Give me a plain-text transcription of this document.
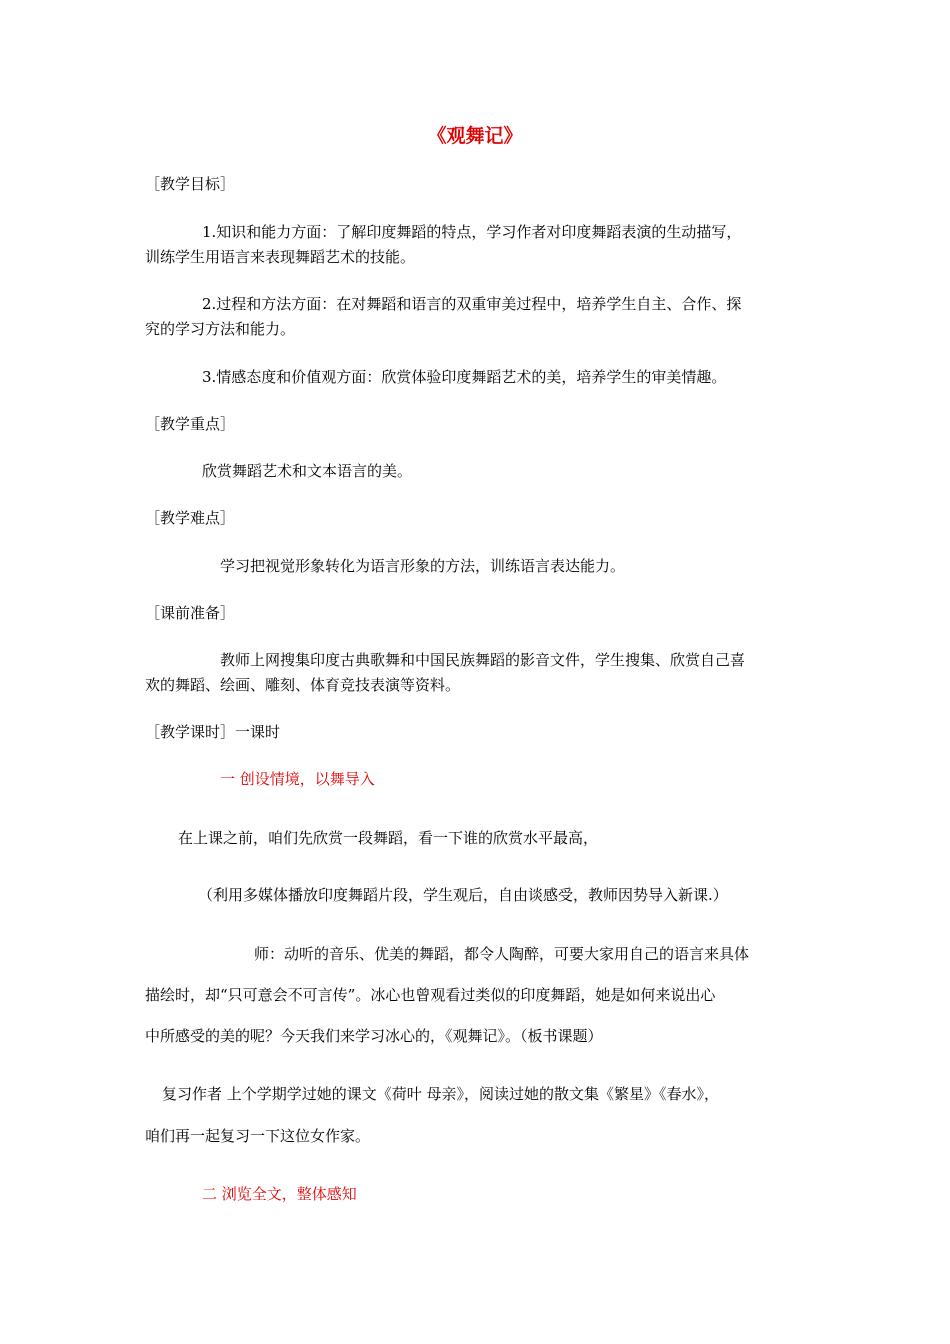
《观舞记》
［教学目标］
1.知识和能力方面：了解印度舞蹈的特点，学习作者对印度舞蹈表演的生动描写，
训练学生用语言来表现舞蹈艺术的技能。
2.过程和方法方面：在对舞蹈和语言的双重审美过程中，培养学生自主、合作、探
究的学习方法和能力。
3.情感态度和价值观方面：欣赏体验印度舞蹈艺术的美，培养学生的审美情趣。
［教学重点］
欣赏舞蹈艺术和文本语言的美。
［教学难点］
学习把视觉形象转化为语言形象的方法，训练语言表达能力。
［课前准备］
教师上网搜集印度古典歌舞和中国民族舞蹈的影音文件，学生搜集、欣赏自己喜
欢的舞蹈、绘画、雕刻、体育竞技表演等资料。
［教学课时］一课时
一 创设情境，以舞导入
在上课之前，咱们先欣赏一段舞蹈，看一下谁的欣赏水平最高，
（利用多媒体播放印度舞蹈片段，学生观后，自由谈感受，教师因势导入新课.）
师：动听的音乐、优美的舞蹈，都令人陶醉，可要大家用自己的语言来具体
描绘时，却“只可意会不可言传”。冰心也曾观看过类似的印度舞蹈，她是如何来说出心
中所感受的美的呢？今天我们来学习冰心的，《观舞记》。（板书课题）
复习作者 上个学期学过她的课文《荷叶 母亲》，阅读过她的散文集《繁星》《春水》，
咱们再一起复习一下这位女作家。
二 浏览全文，整体感知
